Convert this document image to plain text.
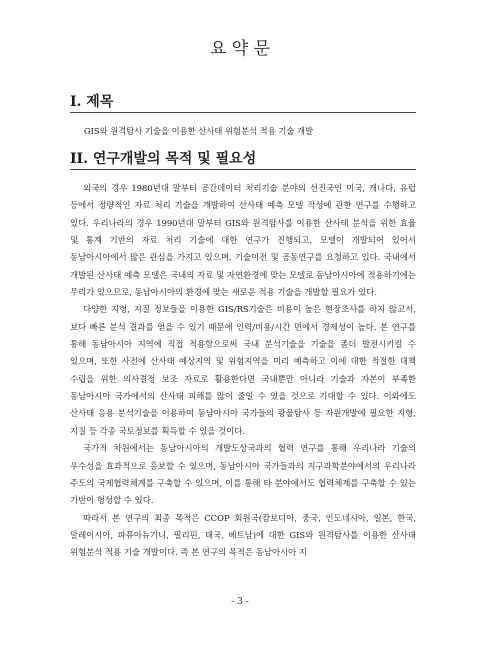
요 약 문
I. 제목
GIS와 원격탐사 기술을 이용한 산사태 위험분석 적용 기술 개발
II. 연구개발의 목적 및 필요성

외국의 경우 1980년대 말부터 공간데이터 처리기술 분야의 선진국인 미국, 캐나다, 유럽 등에서 정량적인 자료 처리 기술을 개발하여 산사태 예측 모델 작성에 관한 연구를 수행하고 있다. 우리나라의 경우 1990년대 말부터 GIS와 원격탐사를 이용한 산사태 분석을 위한 효율 및 통계 기반의 자료 처리 기술에 대한 연구가 진행되고, 모델이 개발되어 있어서 동남아시아에서 많은 관심을 가지고 있으며, 기술이전 및 공동연구를 요청하고 있다. 국내에서 개발된 산사태 예측 모델은 국내의 자료 및 자연환경에 맞는 모델로 동남아시아에 적용하기에는 무리가 있으므로, 동남아시아의 환경에 맞는 새로운 적용 기술을 개발할 필요가 있다.

다양한 지형, 지질 정보들을 이용한 GIS/RS기술은 비용이 높은 현장조사를 하지 않고서, 보다 빠른 분석 결과를 얻을 수 있기 때문에 인력/비용/시간 면에서 경제성이 높다. 본 연구를 통해 동남아시아 지역에 직접 적용함으로써 국내 분석기술을 기술을 좀더 발전시키킬 수 있으며, 또한 사전에 산사태 예상지역 및 위험지역을 미리 예측하고 이에 대한 적절한 대책 수립을 위한 의사결정 보조 자료로 활용한다면 국내뿐만 아니라 기술과 자본이 부족한 동남아시아 국가에서의 산사태 피해를 많이 줄일 수 있을 것으로 기대할 수 있다. 이와에도 산사태 응용 분석기술을 이용하여 동남아시아 국가들의 광물탐사 등 자원개발에 필요한 지형, 지질 등 각종 국토정보를 획득할 수 있을 것이다.

국가적 차원에서는 동남아시아의 개발도상국과의 협력 연구를 통해 우리나라 기술의 우수성을 효과적으로 홍보할 수 있으며, 동남아시아 국가들과의 지구과학분야에서의 우리나라 주도의 국제협력체계를 구축할 수 있으며, 이를 통해 타 분야에서도 협력체계를 구축할 수 있는 기반이 형성할 수 있다.

따라서 본 연구의 최종 목적은 CCOP 회원국(캄보디아, 중국, 인도네시아, 일본, 한국, 말레이시아, 파퓨아뉴기니, 필리핀, 태국, 베트남)에 대한 GIS와 원격탐사를 이용한 산사태 위험분석 적용 기술 개발이다. 즉 본 연구의 목적은 동남아시아 지

- 3 -
